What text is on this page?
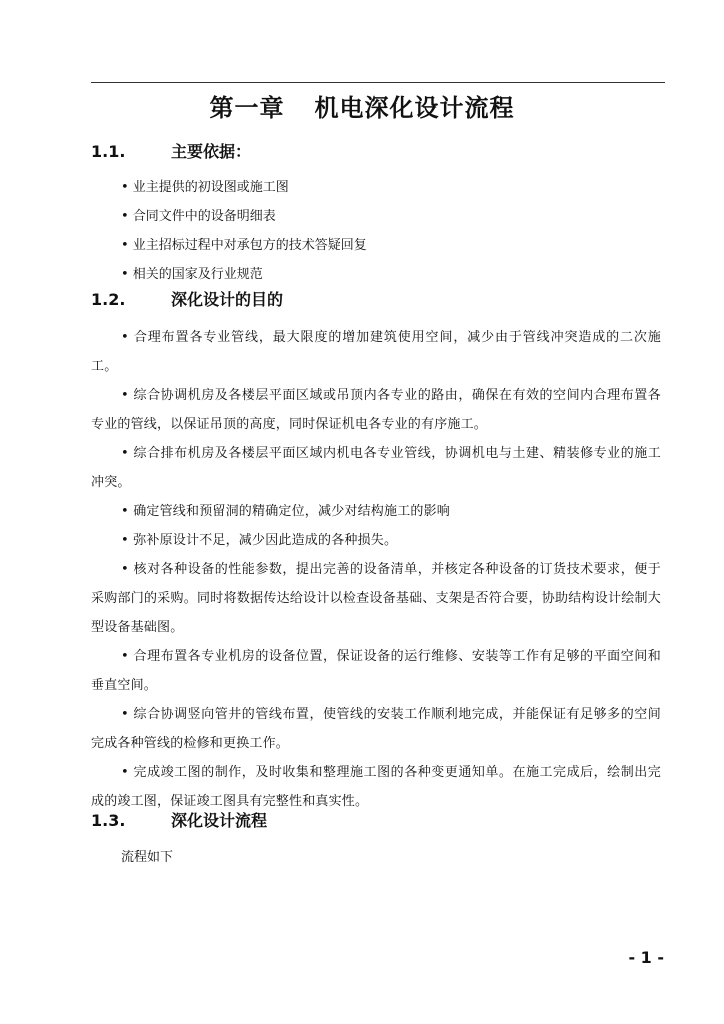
第一章 机电深化设计流程
1.1.	主要依据：
• 业主提供的初设图或施工图
• 合同文件中的设备明细表
• 业主招标过程中对承包方的技术答疑回复
• 相关的国家及行业规范
1.2.	深化设计的目的
• 合理布置各专业管线，最大限度的增加建筑使用空间，减少由于管线冲突造成的二次施工。
• 综合协调机房及各楼层平面区域或吊顶内各专业的路由，确保在有效的空间内合理布置各专业的管线，以保证吊顶的高度，同时保证机电各专业的有序施工。
• 综合排布机房及各楼层平面区域内机电各专业管线，协调机电与土建、精装修专业的施工冲突。
• 确定管线和预留洞的精确定位，减少对结构施工的影响
• 弥补原设计不足，减少因此造成的各种损失。
• 核对各种设备的性能参数，提出完善的设备清单，并核定各种设备的订货技术要求，便于采购部门的采购。同时将数据传达给设计以检查设备基础、支架是否符合要，协助结构设计绘制大型设备基础图。
• 合理布置各专业机房的设备位置，保证设备的运行维修、安装等工作有足够的平面空间和垂直空间。
• 综合协调竖向管井的管线布置，使管线的安装工作顺利地完成，并能保证有足够多的空间完成各种管线的检修和更换工作。
• 完成竣工图的制作，及时收集和整理施工图的各种变更通知单。在施工完成后，绘制出完成的竣工图，保证竣工图具有完整性和真实性。
1.3.	深化设计流程
流程如下
- 1 -
